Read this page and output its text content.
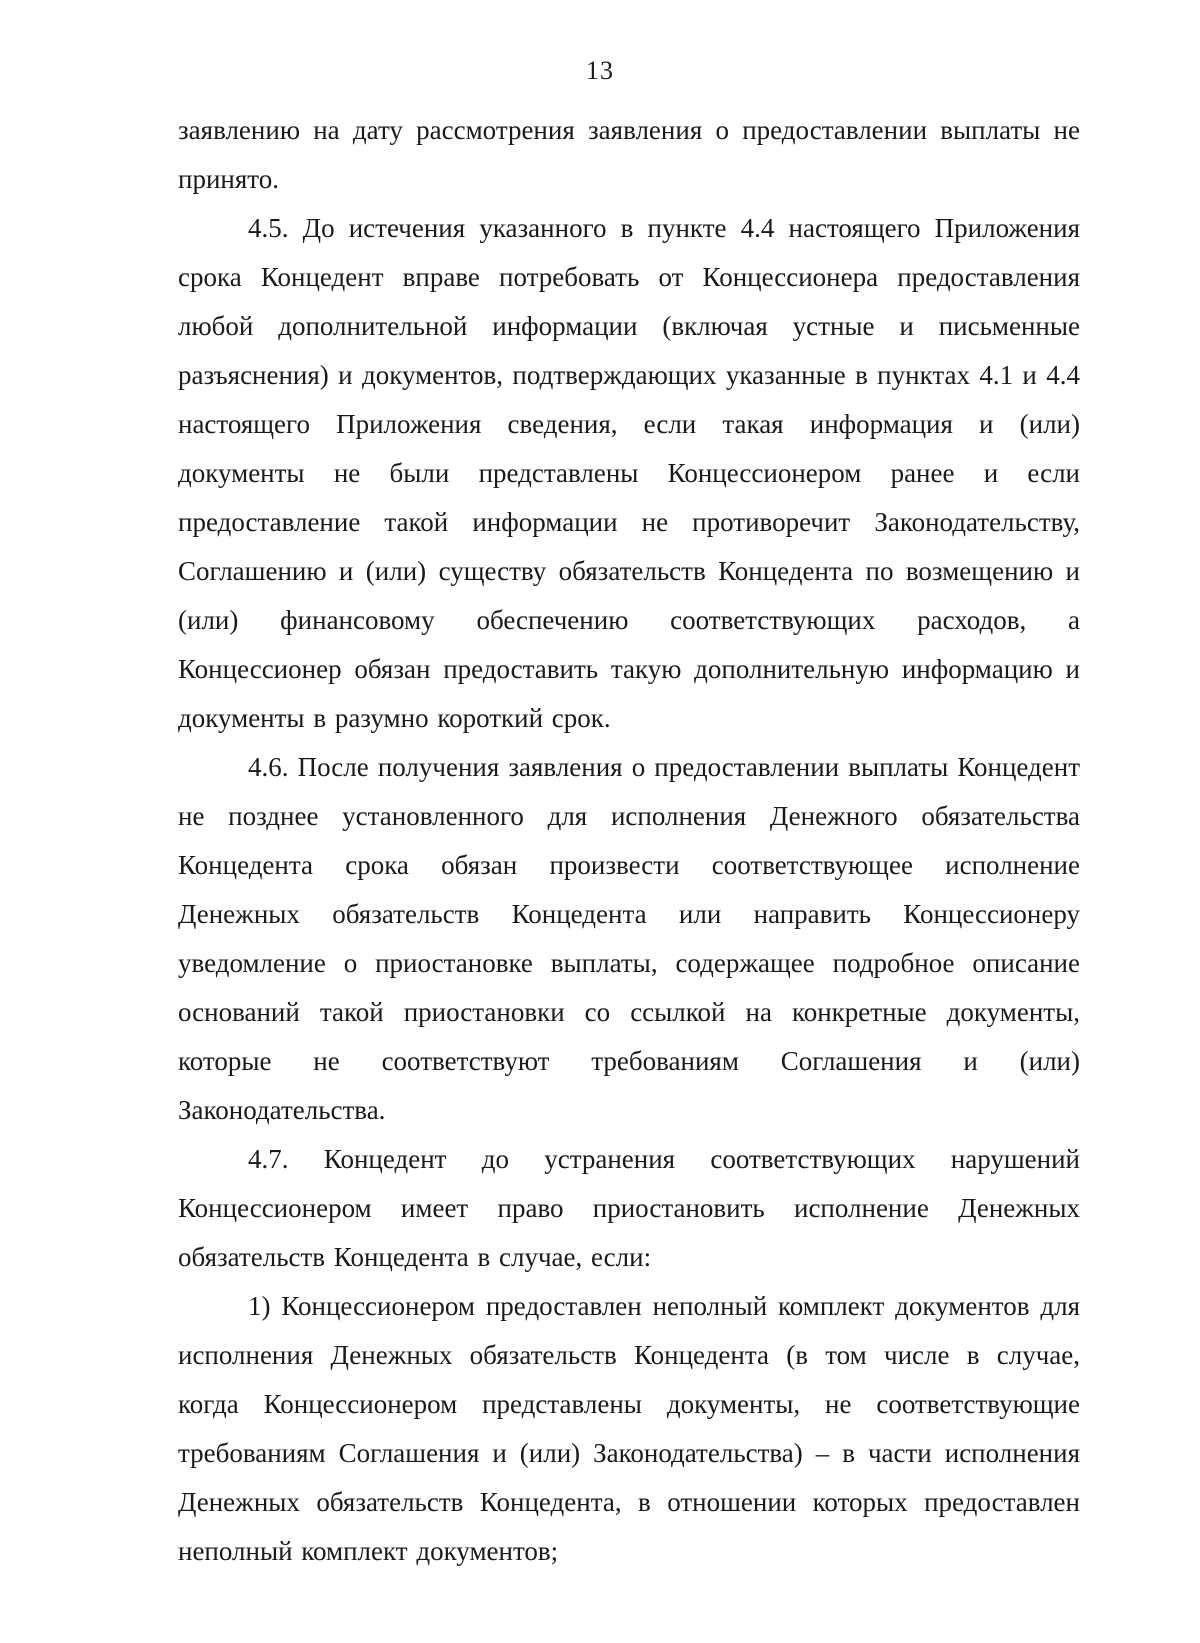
13

заявлению на дату рассмотрения заявления о предоставлении выплаты не принято.

4.5. До истечения указанного в пункте 4.4 настоящего Приложения срока Концедент вправе потребовать от Концессионера предоставления любой дополнительной информации (включая устные и письменные разъяснения) и документов, подтверждающих указанные в пунктах 4.1 и 4.4 настоящего Приложения сведения, если такая информация и (или) документы не были представлены Концессионером ранее и если предоставление такой информации не противоречит Законодательству, Соглашению и (или) существу обязательств Концедента по возмещению и (или) финансовому обеспечению соответствующих расходов, а Концессионер обязан предоставить такую дополнительную информацию и документы в разумно короткий срок.

4.6. После получения заявления о предоставлении выплаты Концедент не позднее установленного для исполнения Денежного обязательства Концедента срока обязан произвести соответствующее исполнение Денежных обязательств Концедента или направить Концессионеру уведомление о приостановке выплаты, содержащее подробное описание оснований такой приостановки со ссылкой на конкретные документы, которые не соответствуют требованиям Соглашения и (или) Законодательства.

4.7. Концедент до устранения соответствующих нарушений Концессионером имеет право приостановить исполнение Денежных обязательств Концедента в случае, если:

1) Концессионером предоставлен неполный комплект документов для исполнения Денежных обязательств Концедента (в том числе в случае, когда Концессионером представлены документы, не соответствующие требованиям Соглашения и (или) Законодательства) – в части исполнения Денежных обязательств Концедента, в отношении которых предоставлен неполный комплект документов;
